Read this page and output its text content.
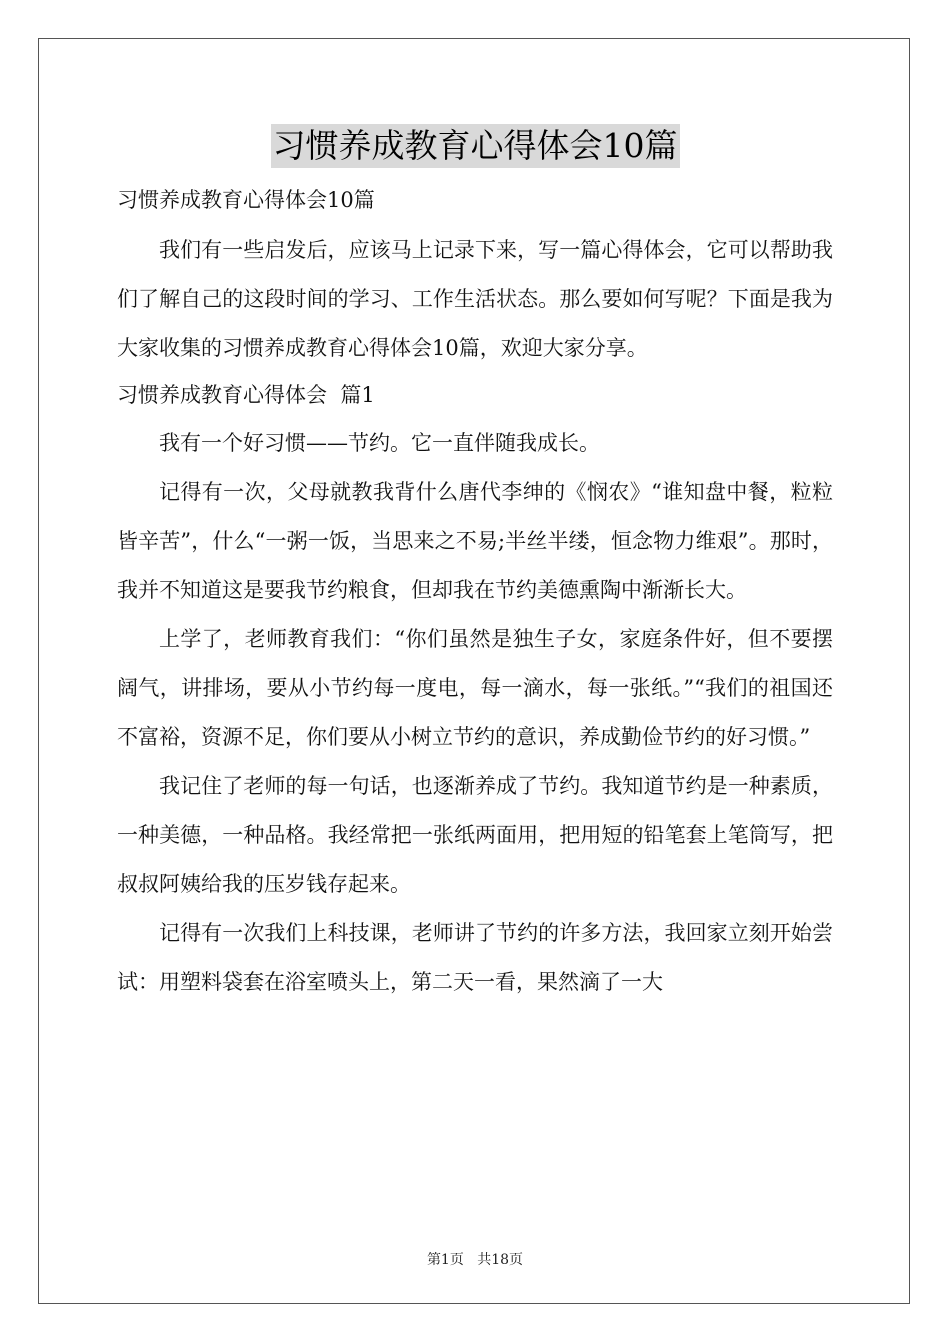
习惯养成教育心得体会10篇

习惯养成教育心得体会10篇

我们有一些启发后，应该马上记录下来，写一篇心得体会，它可以帮助我们了解自己的这段时间的学习、工作生活状态。那么要如何写呢？下面是我为大家收集的习惯养成教育心得体会10篇，欢迎大家分享。

习惯养成教育心得体会  篇1

我有一个好习惯——节约。它一直伴随我成长。

记得有一次，父母就教我背什么唐代李绅的《悯农》“谁知盘中餐，粒粒皆辛苦”，什么“一粥一饭，当思来之不易;半丝半缕，恒念物力维艰”。那时，我并不知道这是要我节约粮食，但却我在节约美德熏陶中渐渐长大。

上学了，老师教育我们：“你们虽然是独生子女，家庭条件好，但不要摆阔气，讲排场，要从小节约每一度电，每一滴水，每一张纸。”“我们的祖国还不富裕，资源不足，你们要从小树立节约的意识，养成勤俭节约的好习惯。”

我记住了老师的每一句话，也逐渐养成了节约。我知道节约是一种素质，一种美德，一种品格。我经常把一张纸两面用，把用短的铅笔套上笔筒写，把叔叔阿姨给我的压岁钱存起来。

记得有一次我们上科技课，老师讲了节约的许多方法，我回家立刻开始尝试：用塑料袋套在浴室喷头上，第二天一看，果然滴了一大

第1页 共18页
